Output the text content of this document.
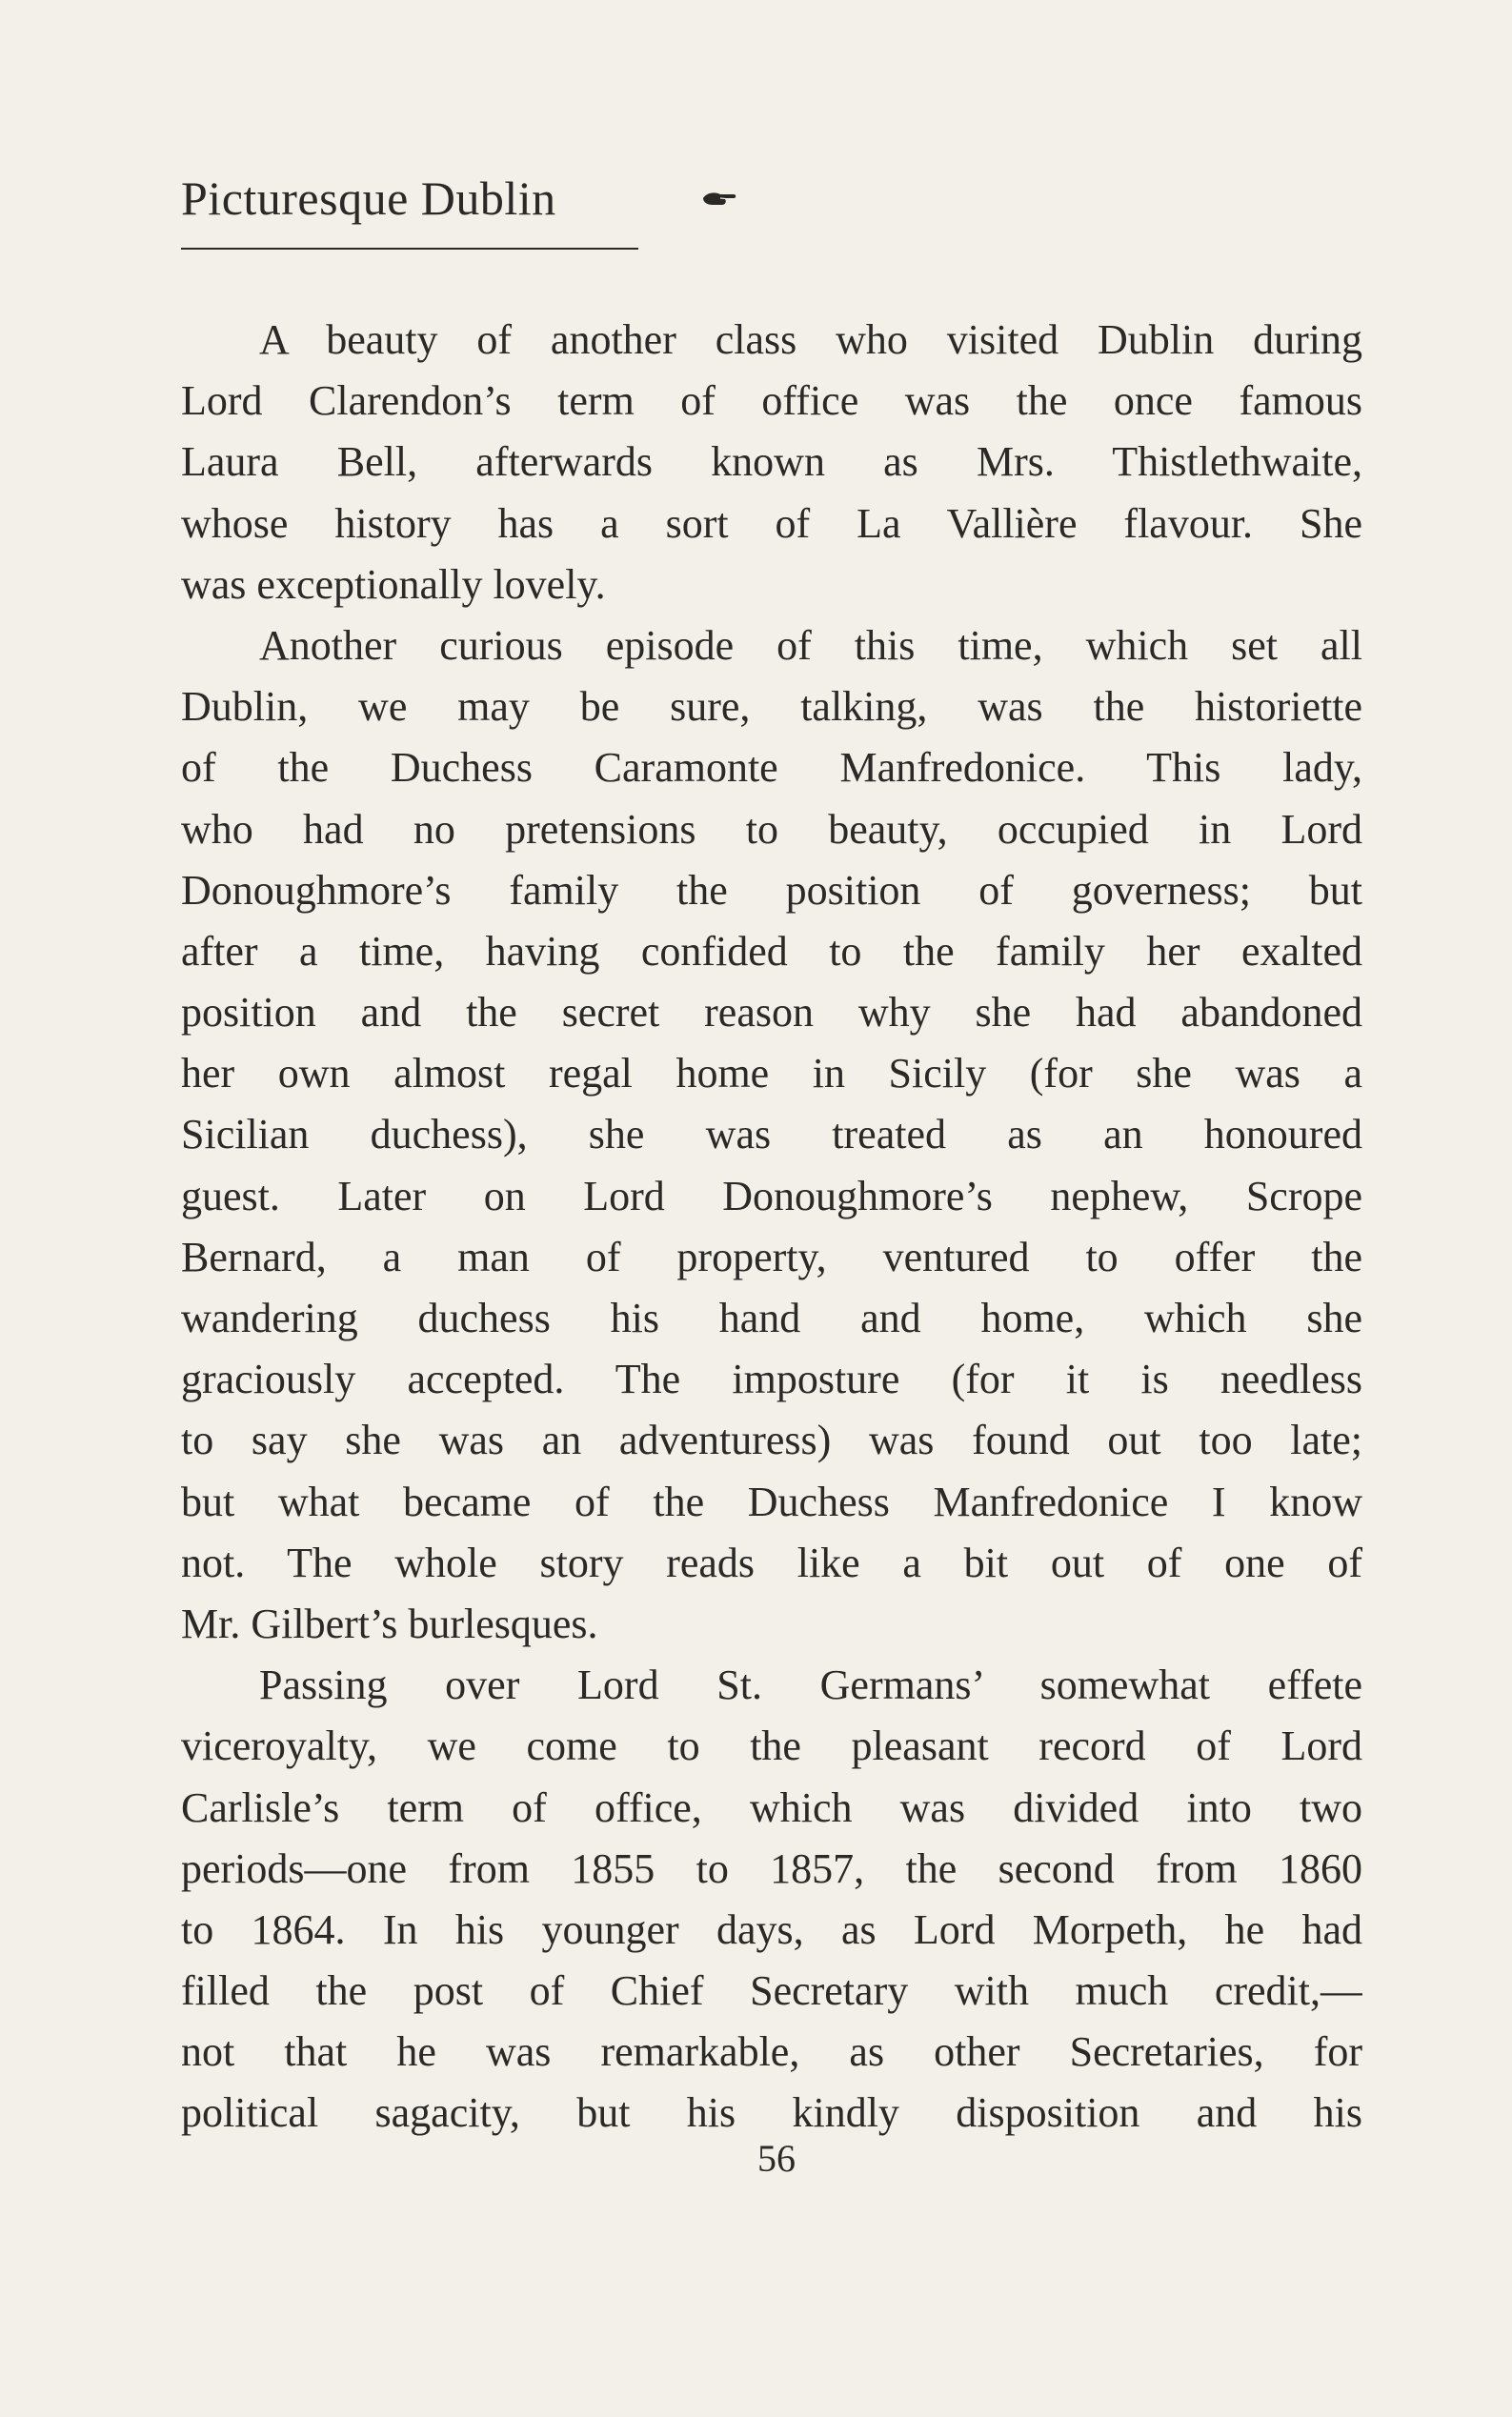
Picturesque Dublin
A beauty of another class who visited Dublin during
Lord Clarendon’s term of office was the once famous
Laura Bell, afterwards known as Mrs. Thistlethwaite,
whose history has a sort of La Vallière flavour. She
was exceptionally lovely.
Another curious episode of this time, which set all
Dublin, we may be sure, talking, was the historiette
of the Duchess Caramonte Manfredonice. This lady,
who had no pretensions to beauty, occupied in Lord
Donoughmore’s family the position of governess; but
after a time, having confided to the family her exalted
position and the secret reason why she had abandoned
her own almost regal home in Sicily (for she was a
Sicilian duchess), she was treated as an honoured
guest. Later on Lord Donoughmore’s nephew, Scrope
Bernard, a man of property, ventured to offer the
wandering duchess his hand and home, which she
graciously accepted. The imposture (for it is needless
to say she was an adventuress) was found out too late;
but what became of the Duchess Manfredonice I know
not. The whole story reads like a bit out of one of
Mr. Gilbert’s burlesques.
Passing over Lord St. Germans’ somewhat effete
viceroyalty, we come to the pleasant record of Lord
Carlisle’s term of office, which was divided into two
periods—one from 1855 to 1857, the second from 1860
to 1864. In his younger days, as Lord Morpeth, he had
filled the post of Chief Secretary with much credit,—
not that he was remarkable, as other Secretaries, for
political sagacity, but his kindly disposition and his
56
